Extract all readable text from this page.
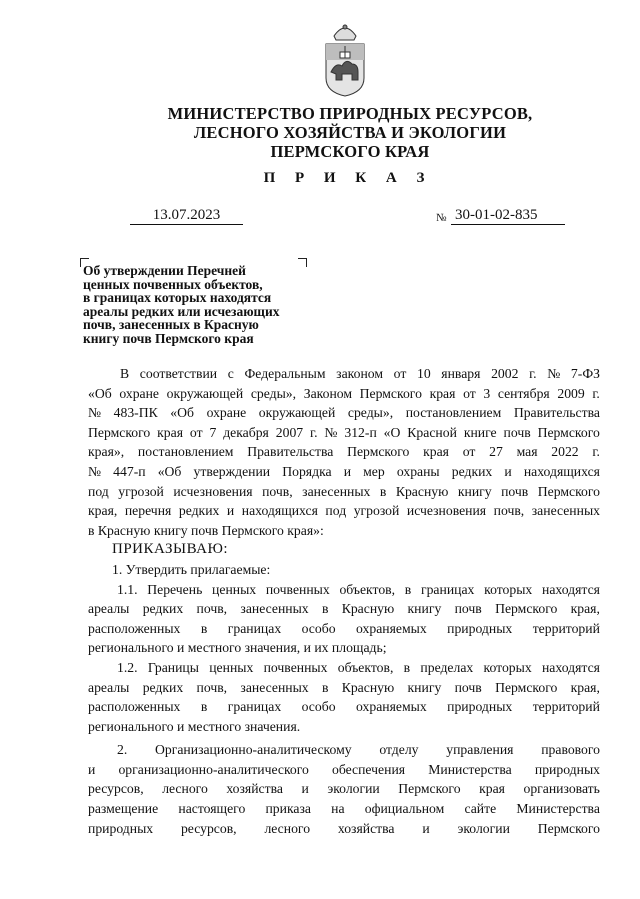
МИНИСТЕРСТВО ПРИРОДНЫХ РЕСУРСОВ,
ЛЕСНОГО ХОЗЯЙСТВА И ЭКОЛОГИИ
ПЕРМСКОГО КРАЯ
П Р И К А З
13.07.2023	№ 30-01-02-835
Об утверждении Перечней
ценных почвенных объектов,
в границах которых находятся
ареалы редких или исчезающих
почв, занесенных в Красную
книгу почв Пермского края
В соответствии с Федеральным законом от 10 января 2002 г. № 7-ФЗ
«Об охране окружающей среды», Законом Пермского края от 3 сентября 2009 г.
№ 483-ПК «Об охране окружающей среды», постановлением Правительства
Пермского края от 7 декабря 2007 г. № 312-п «О Красной книге почв Пермского
края», постановлением Правительства Пермского края от 27 мая 2022 г.
№ 447-п «Об утверждении Порядка и мер охраны редких и находящихся
под угрозой исчезновения почв, занесенных в Красную книгу почв Пермского
края, перечня редких и находящихся под угрозой исчезновения почв, занесенных
в Красную книгу почв Пермского края»:
ПРИКАЗЫВАЮ:
1. Утвердить прилагаемые:
1.1. Перечень ценных почвенных объектов, в границах которых находятся
ареалы редких почв, занесенных в Красную книгу почв Пермского края,
расположенных в границах особо охраняемых природных территорий
регионального и местного значения, и их площадь;
1.2. Границы ценных почвенных объектов, в пределах которых находятся
ареалы редких почв, занесенных в Красную книгу почв Пермского края,
расположенных в границах особо охраняемых природных территорий
регионального и местного значения.
2. Организационно-аналитическому отделу управления правового
и организационно-аналитического обеспечения Министерства природных
ресурсов, лесного хозяйства и экологии Пермского края организовать
размещение настоящего приказа на официальном сайте Министерства
природных ресурсов, лесного хозяйства и экологии Пермского
